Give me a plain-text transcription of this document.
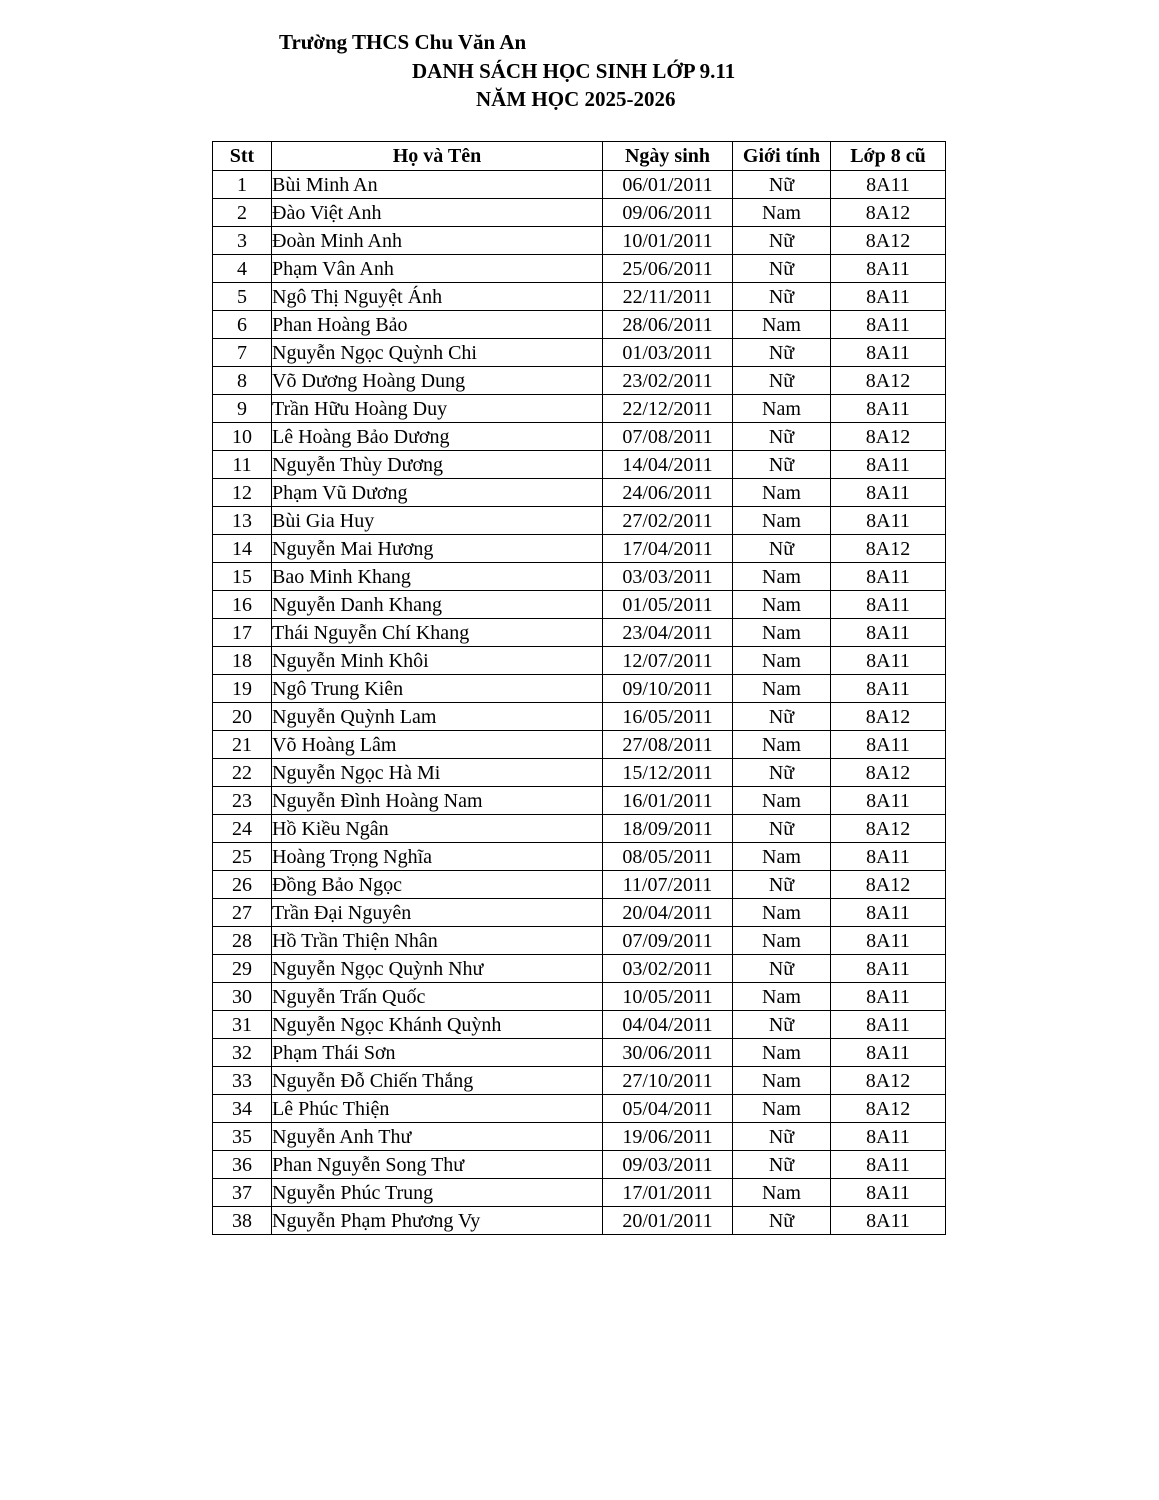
Trường THCS Chu Văn An
DANH SÁCH HỌC SINH LỚP 9.11
NĂM HỌC 2025-2026
Stt	Họ và Tên	Ngày sinh	Giới tính	Lớp 8 cũ
1	Bùi Minh An	06/01/2011	Nữ	8A11
2	Đào Việt Anh	09/06/2011	Nam	8A12
3	Đoàn Minh Anh	10/01/2011	Nữ	8A12
4	Phạm Vân Anh	25/06/2011	Nữ	8A11
5	Ngô Thị Nguyệt Ánh	22/11/2011	Nữ	8A11
6	Phan Hoàng Bảo	28/06/2011	Nam	8A11
7	Nguyễn Ngọc Quỳnh Chi	01/03/2011	Nữ	8A11
8	Võ Dương Hoàng Dung	23/02/2011	Nữ	8A12
9	Trần Hữu Hoàng Duy	22/12/2011	Nam	8A11
10	Lê Hoàng Bảo Dương	07/08/2011	Nữ	8A12
11	Nguyễn Thùy Dương	14/04/2011	Nữ	8A11
12	Phạm Vũ Dương	24/06/2011	Nam	8A11
13	Bùi Gia Huy	27/02/2011	Nam	8A11
14	Nguyễn Mai Hương	17/04/2011	Nữ	8A12
15	Bao Minh Khang	03/03/2011	Nam	8A11
16	Nguyễn Danh Khang	01/05/2011	Nam	8A11
17	Thái Nguyễn Chí Khang	23/04/2011	Nam	8A11
18	Nguyễn Minh Khôi	12/07/2011	Nam	8A11
19	Ngô Trung Kiên	09/10/2011	Nam	8A11
20	Nguyễn Quỳnh Lam	16/05/2011	Nữ	8A12
21	Võ Hoàng Lâm	27/08/2011	Nam	8A11
22	Nguyễn Ngọc Hà Mi	15/12/2011	Nữ	8A12
23	Nguyễn Đình Hoàng Nam	16/01/2011	Nam	8A11
24	Hồ Kiều Ngân	18/09/2011	Nữ	8A12
25	Hoàng Trọng Nghĩa	08/05/2011	Nam	8A11
26	Đồng Bảo Ngọc	11/07/2011	Nữ	8A12
27	Trần Đại Nguyên	20/04/2011	Nam	8A11
28	Hồ Trần Thiện Nhân	07/09/2011	Nam	8A11
29	Nguyễn Ngọc Quỳnh Như	03/02/2011	Nữ	8A11
30	Nguyễn Trấn Quốc	10/05/2011	Nam	8A11
31	Nguyễn Ngọc Khánh Quỳnh	04/04/2011	Nữ	8A11
32	Phạm Thái Sơn	30/06/2011	Nam	8A11
33	Nguyễn Đỗ Chiến Thắng	27/10/2011	Nam	8A12
34	Lê Phúc Thiện	05/04/2011	Nam	8A12
35	Nguyễn Anh Thư	19/06/2011	Nữ	8A11
36	Phan Nguyễn Song Thư	09/03/2011	Nữ	8A11
37	Nguyễn Phúc Trung	17/01/2011	Nam	8A11
38	Nguyễn Phạm Phương Vy	20/01/2011	Nữ	8A11
